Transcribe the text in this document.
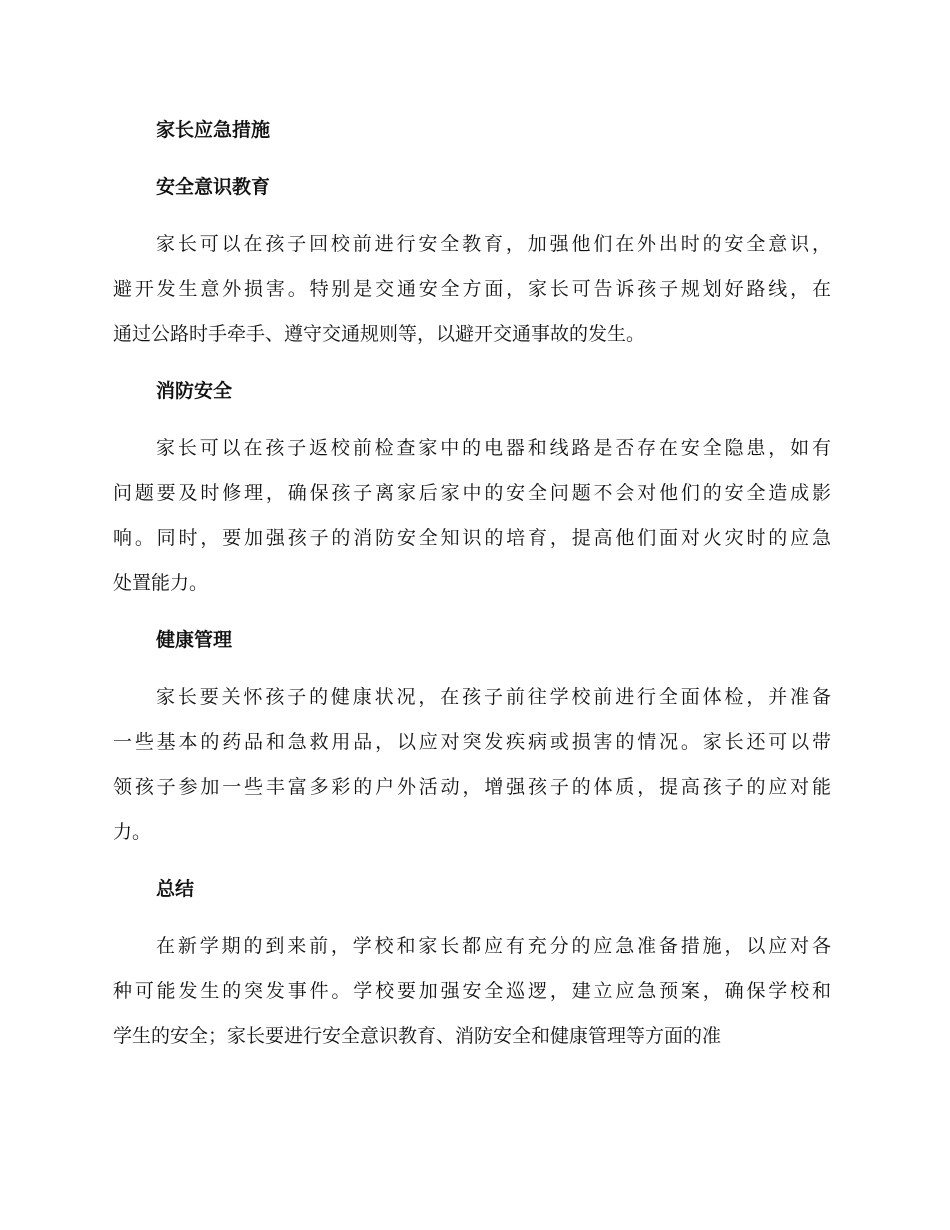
家长应急措施
安全意识教育
家长可以在孩子回校前进行安全教育，加强他们在外出时的安全意识，
避开发生意外损害。特别是交通安全方面，家长可告诉孩子规划好路线，在
通过公路时手牵手、遵守交通规则等，以避开交通事故的发生。
消防安全
家长可以在孩子返校前检查家中的电器和线路是否存在安全隐患，如有
问题要及时修理，确保孩子离家后家中的安全问题不会对他们的安全造成影
响。同时，要加强孩子的消防安全知识的培育，提高他们面对火灾时的应急
处置能力。
健康管理
家长要关怀孩子的健康状况，在孩子前往学校前进行全面体检，并准备
一些基本的药品和急救用品，以应对突发疾病或损害的情况。家长还可以带
领孩子参加一些丰富多彩的户外活动，增强孩子的体质，提高孩子的应对能
力。
总结
在新学期的到来前，学校和家长都应有充分的应急准备措施，以应对各
种可能发生的突发事件。学校要加强安全巡逻，建立应急预案，确保学校和
学生的安全；家长要进行安全意识教育、消防安全和健康管理等方面的准
